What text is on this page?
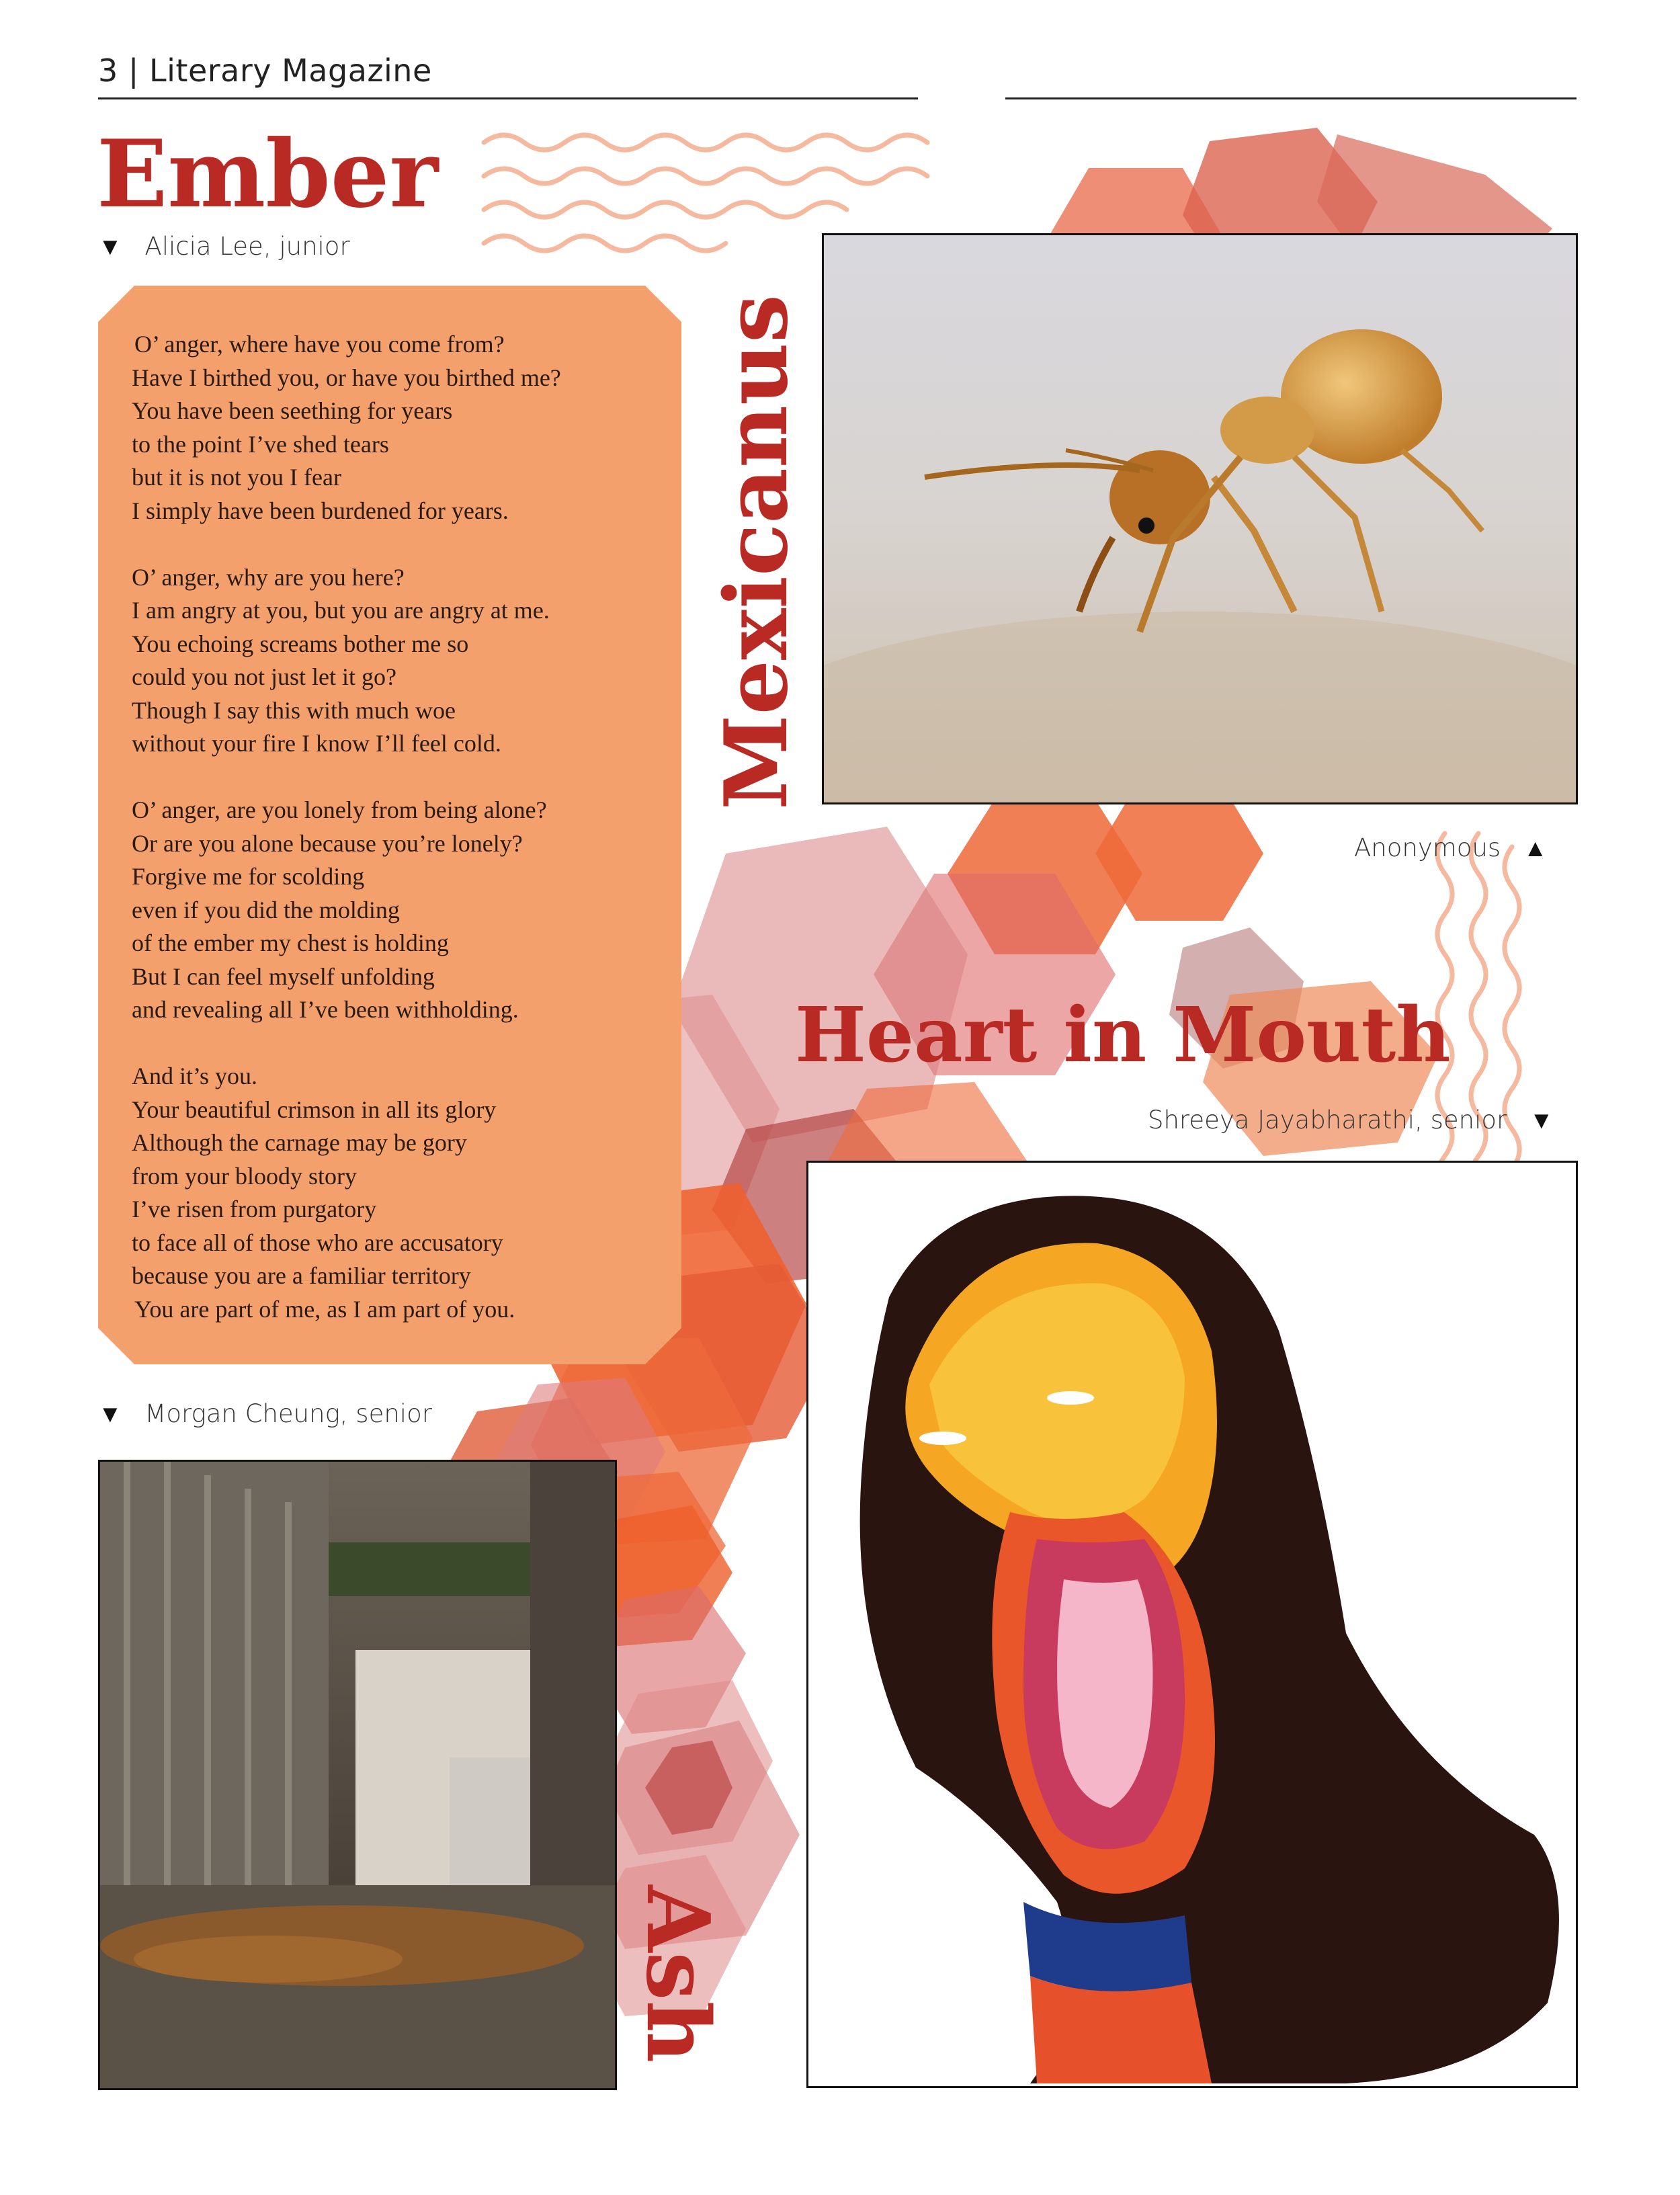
3 | Literary Magazine
Ember
▼ Alicia Lee, junior
O’ anger, where have you come from?
Have I birthed you, or have you birthed me?
You have been seething for years
to the point I’ve shed tears
but it is not you I fear
I simply have been burdened for years.
O’ anger, why are you here?
I am angry at you, but you are angry at me.
You echoing screams bother me so
could you not just let it go?
Though I say this with much woe
without your fire I know I’ll feel cold.
O’ anger, are you lonely from being alone?
Or are you alone because you’re lonely?
Forgive me for scolding
even if you did the molding
of the ember my chest is holding
But I can feel myself unfolding
and revealing all I’ve been withholding.
And it’s you.
Your beautiful crimson in all its glory
Although the carnage may be gory
from your bloody story
I’ve risen from purgatory
to face all of those who are accusatory
because you are a familiar territory
You are part of me, as I am part of you.
Mexicanus
Anonymous ▲
Heart in Mouth
Shreeya Jayabharathi, senior ▼
▼ Morgan Cheung, senior
Ash
